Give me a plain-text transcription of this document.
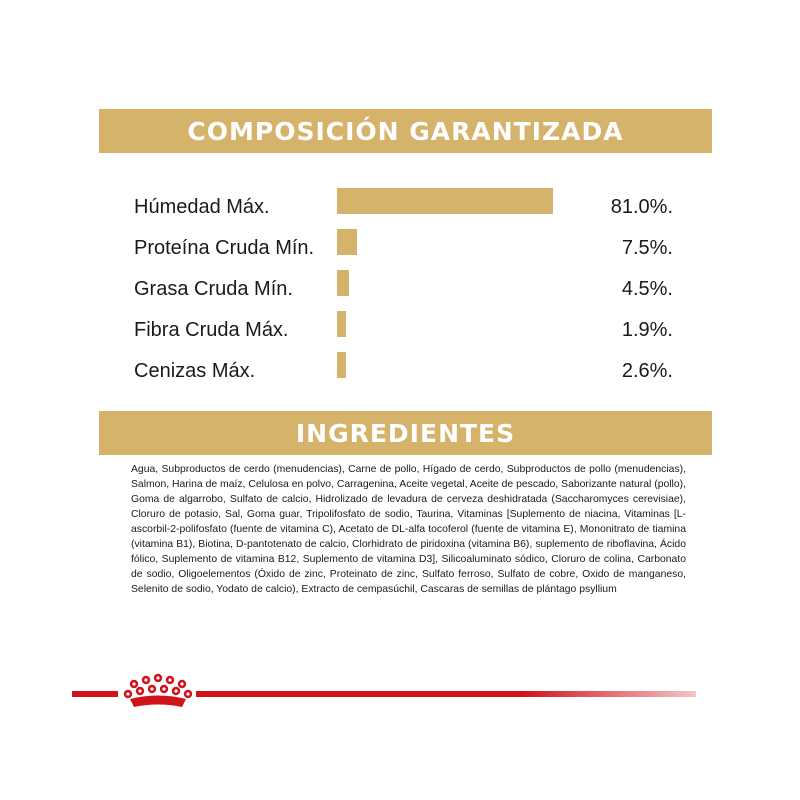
COMPOSICIÓN GARANTIZADA
Húmedad Máx.	81.0%.
Proteína Cruda Mín.	7.5%.
Grasa Cruda Mín.	4.5%.
Fibra Cruda Máx.	1.9%.
Cenizas Máx.	2.6%.
INGREDIENTES
Agua, Subproductos de cerdo (menudencias), Carne de pollo, Hígado de cerdo, Subproductos de pollo (menudencias), Salmon, Harina de maíz, Celulosa en polvo, Carragenina, Aceite vegetal, Aceite de pescado, Saborizante natural (pollo), Goma de algarrobo, Sulfato de calcio, Hidrolizado de levadura de cerveza deshidratada (Saccharomyces cerevisiae), Cloruro de potasio, Sal, Goma guar, Tripolifosfato de sodio, Taurina, Vitaminas [Suplemento de niacina, Vitaminas [L-ascorbil-2-polifosfato (fuente de vitamina C), Acetato de DL-alfa tocoferol (fuente de vitamina E), Mononitrato de tiamina (vitamina B1), Biotina, D-pantotenato de calcio, Clorhidrato de piridoxina (vitamina B6), suplemento de riboflavina, Ácido fólico, Suplemento de vitamina B12, Suplemento de vitamina D3], Silicoaluminato sódico, Cloruro de colina, Carbonato de sodio, Oligoelementos (Óxido de zinc, Proteinato de zinc, Sulfato ferroso, Sulfato de cobre, Oxido de manganeso, Selenito de sodio, Yodato de calcio), Extracto de cempasúchil, Cascaras de semillas de plántago psyllium
